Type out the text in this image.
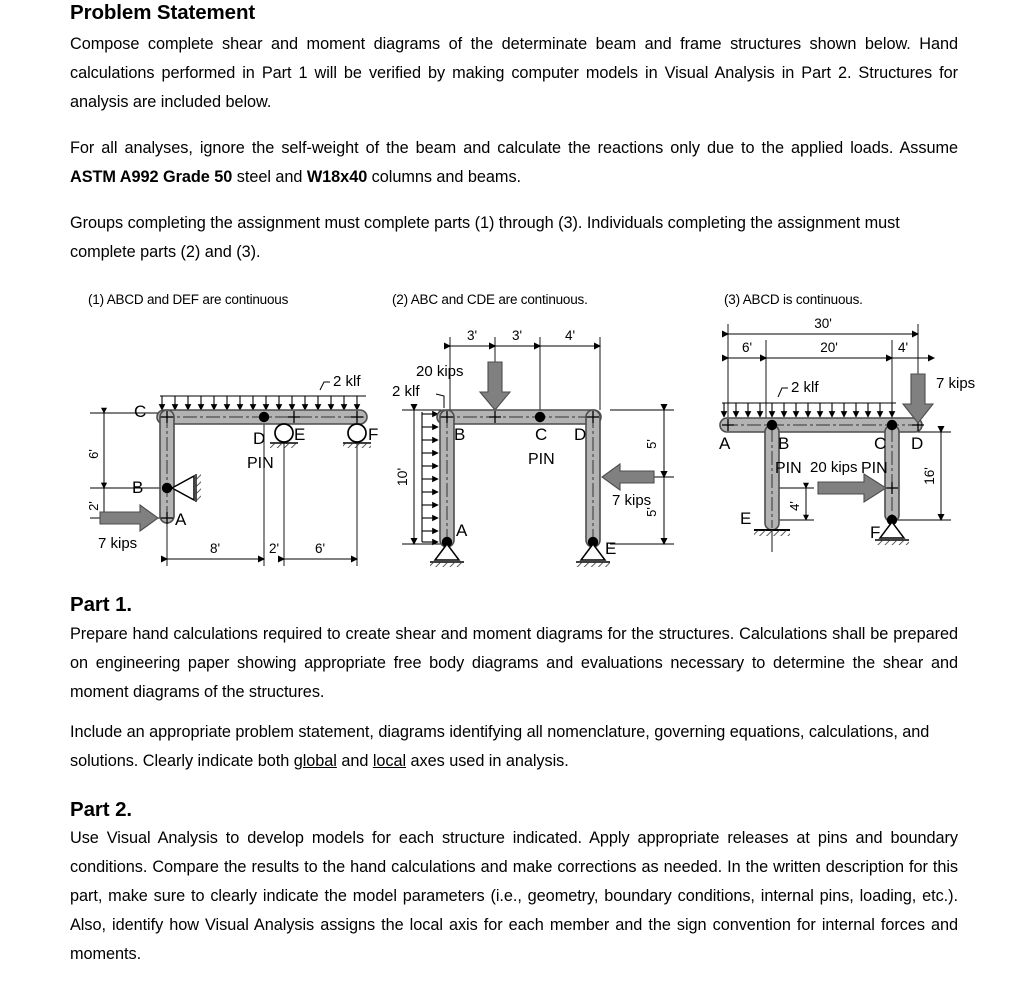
Problem Statement

Compose complete shear and moment diagrams of the determinate beam and frame structures shown below. Hand calculations performed in Part 1 will be verified by making computer models in Visual Analysis in Part 2. Structures for analysis are included below.

For all analyses, ignore the self-weight of the beam and calculate the reactions only due to the applied loads. Assume ASTM A992 Grade 50 steel and W18x40 columns and beams.

Groups completing the assignment must complete parts (1) through (3). Individuals completing the assignment must complete parts (2) and (3).

(1) ABCD and DEF are continuous
6'
2'
8'	2'	6'
2 klf
7 kips
C
B
A
D E	F
PIN
(2) ABC and CDE are continuous.
3'	3'	4'
10'
5'
5'
2 klf
20 kips
7 kips
B	C D
A
E
PIN
(3) ABCD is continuous.
30'
6'	20'	4'
2 klf	7 kips
20 kips	16'
4'
A	B	C D
E
F
PIN	PIN
Part 1.

Prepare hand calculations required to create shear and moment diagrams for the structures. Calculations shall be prepared on engineering paper showing appropriate free body diagrams and evaluations necessary to determine the shear and moment diagrams of the structures.

Include an appropriate problem statement, diagrams identifying all nomenclature, governing equations, calculations, and solutions. Clearly indicate both global and local axes used in analysis.

Part 2.

Use Visual Analysis to develop models for each structure indicated. Apply appropriate releases at pins and boundary conditions. Compare the results to the hand calculations and make corrections as needed. In the written description for this part, make sure to clearly indicate the model parameters (i.e., geometry, boundary conditions, internal pins, loading, etc.). Also, identify how Visual Analysis assigns the local axis for each member and the sign convention for internal forces and moments.
